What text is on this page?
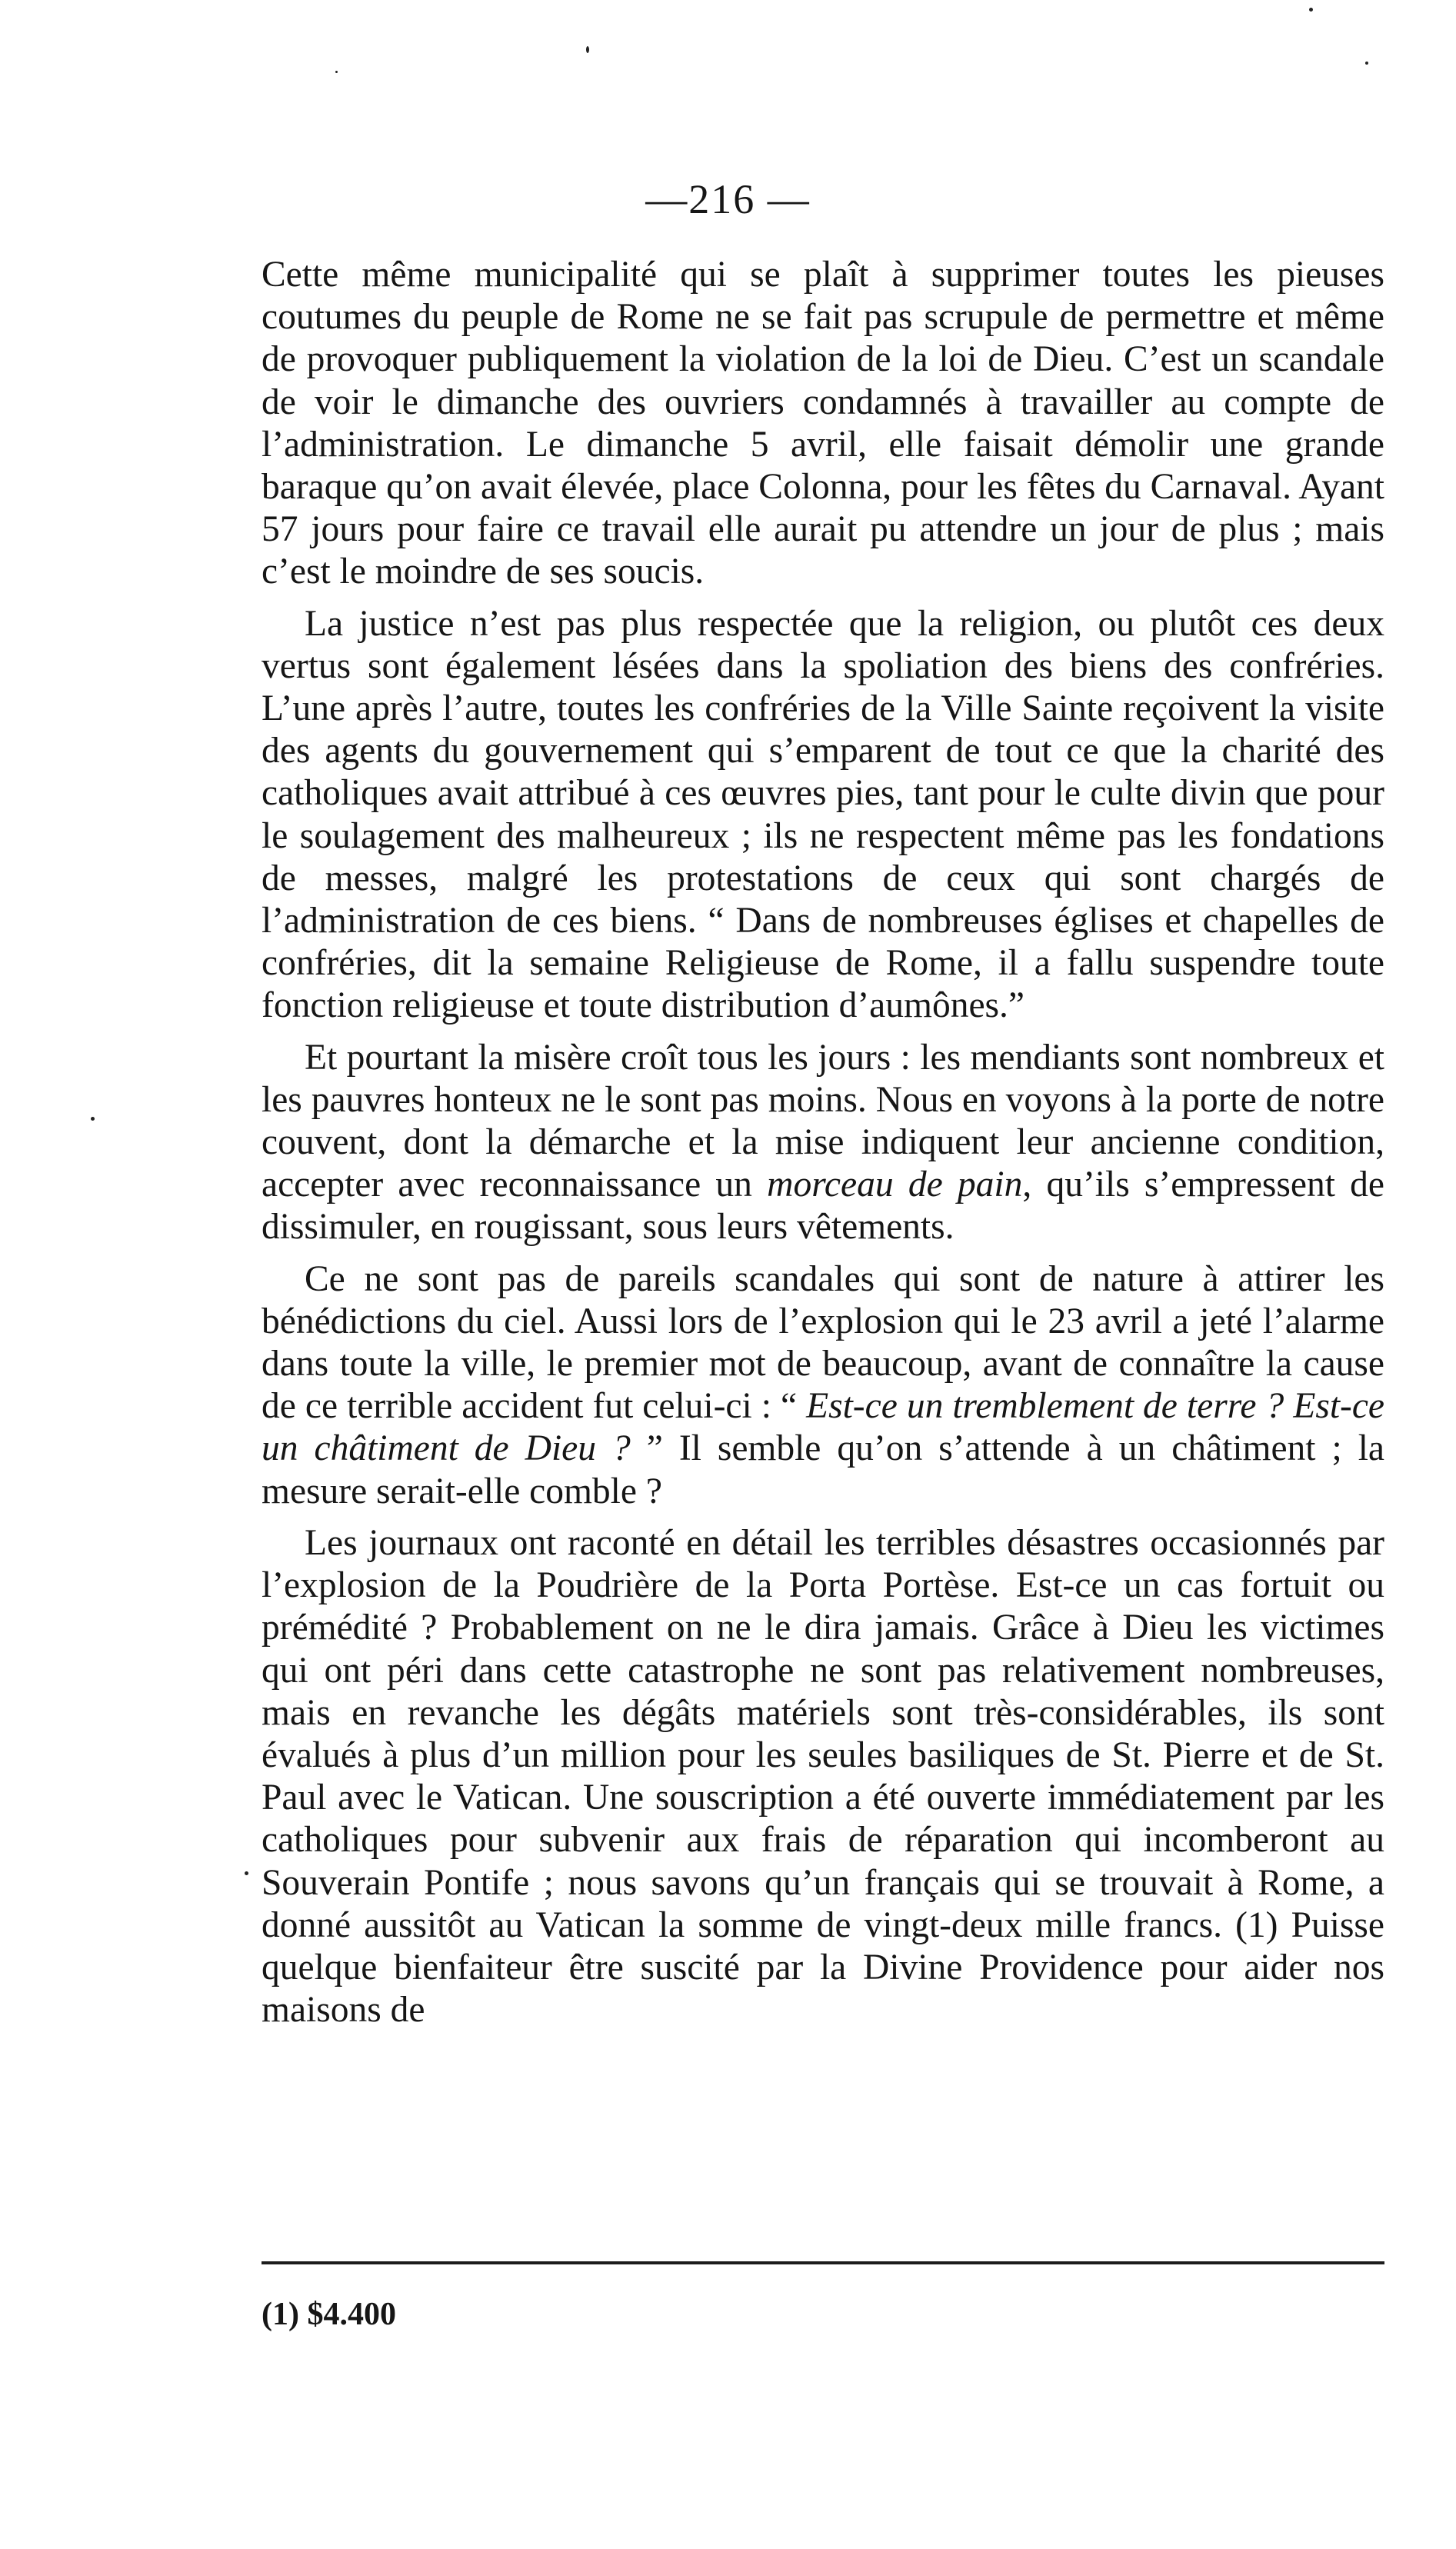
—216 —

Cette même municipalité qui se plaît à supprimer toutes les pieuses coutumes du peuple de Rome ne se fait pas scrupule de permettre et même de provoquer publiquement la violation de la loi de Dieu. C’est un scandale de voir le dimanche des ouvriers condamnés à travailler au compte de l’administration. Le dimanche 5 avril, elle faisait démolir une grande baraque qu’on avait élevée, place Colonna, pour les fêtes du Carnaval. Ayant 57 jours pour faire ce travail elle aurait pu attendre un jour de plus ; mais c’est le moindre de ses soucis.

La justice n’est pas plus respectée que la religion, ou plutôt ces deux vertus sont également lésées dans la spoliation des biens des confréries. L’une après l’autre, toutes les confréries de la Ville Sainte reçoivent la visite des agents du gouvernement qui s’emparent de tout ce que la charité des catholiques avait attribué à ces œuvres pies, tant pour le culte divin que pour le soulagement des malheureux ; ils ne respectent même pas les fondations de messes, malgré les protestations de ceux qui sont chargés de l’administration de ces biens. “ Dans de nombreuses églises et chapelles de confréries, dit la semaine Religieuse de Rome, il a fallu suspendre toute fonction religieuse et toute distribution d’aumônes.”

Et pourtant la misère croît tous les jours : les mendiants sont nombreux et les pauvres honteux ne le sont pas moins. Nous en voyons à la porte de notre couvent, dont la démarche et la mise indiquent leur ancienne condition, accepter avec reconnaissance un morceau de pain, qu’ils s’empressent de dissimuler, en rougissant, sous leurs vêtements.

Ce ne sont pas de pareils scandales qui sont de nature à attirer les bénédictions du ciel. Aussi lors de l’explosion qui le 23 avril a jeté l’alarme dans toute la ville, le premier mot de beaucoup, avant de connaître la cause de ce terrible accident fut celui-ci : “ Est-ce un tremblement de terre ? Est-ce un châtiment de Dieu ? ” Il semble qu’on s’attende à un châtiment ; la mesure serait-elle comble ?

Les journaux ont raconté en détail les terribles désastres occasionnés par l’explosion de la Poudrière de la Porta Portèse. Est-ce un cas fortuit ou prémédité ? Probablement on ne le dira jamais. Grâce à Dieu les victimes qui ont péri dans cette catastrophe ne sont pas relativement nombreuses, mais en revanche les dégâts matériels sont très-considérables, ils sont évalués à plus d’un million pour les seules basiliques de St. Pierre et de St. Paul avec le Vatican. Une souscription a été ouverte immédiatement par les catholiques pour subvenir aux frais de réparation qui incomberont au Souverain Pontife ; nous savons qu’un français qui se trouvait à Rome, a donné aussitôt au Vatican la somme de vingt-deux mille francs. (1) Puisse quelque bienfaiteur être suscité par la Divine Providence pour aider nos maisons de

(1) $4.400
